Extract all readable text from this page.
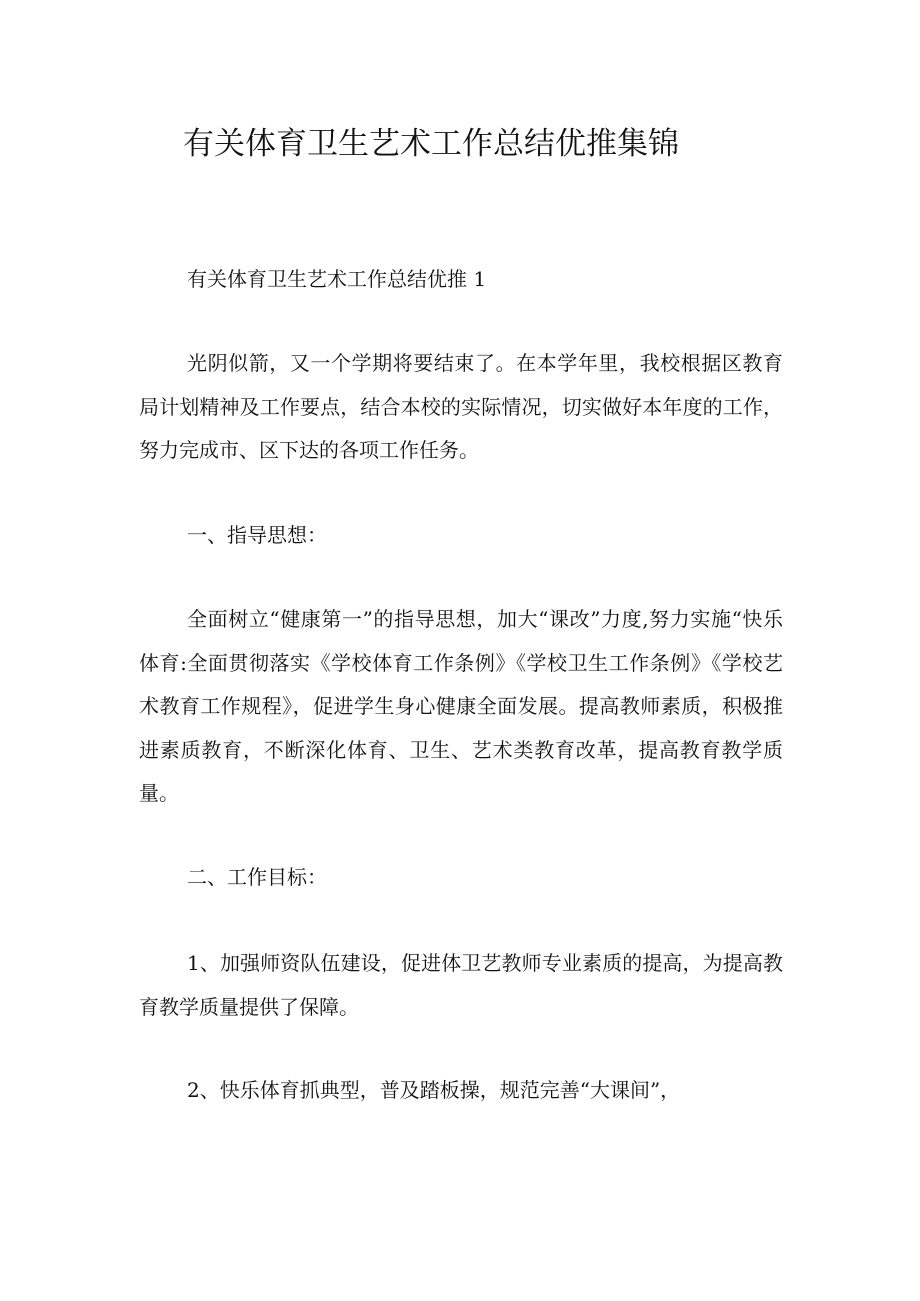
有关体育卫生艺术工作总结优推集锦

有关体育卫生艺术工作总结优推 1

光阴似箭，又一个学期将要结束了。在本学年里，我校根据区教育局计划精神及工作要点，结合本校的实际情况，切实做好本年度的工作，努力完成市、区下达的各项工作任务。

一、指导思想：

全面树立“健康第一”的指导思想，加大“课改”力度,努力实施“快乐体育:全面贯彻落实《学校体育工作条例》《学校卫生工作条例》《学校艺术教育工作规程》，促进学生身心健康全面发展。提高教师素质，积极推进素质教育，不断深化体育、卫生、艺术类教育改革，提高教育教学质量。

二、工作目标：

1、加强师资队伍建设，促进体卫艺教师专业素质的提高，为提高教育教学质量提供了保障。

2、快乐体育抓典型，普及踏板操，规范完善“大课间”，
